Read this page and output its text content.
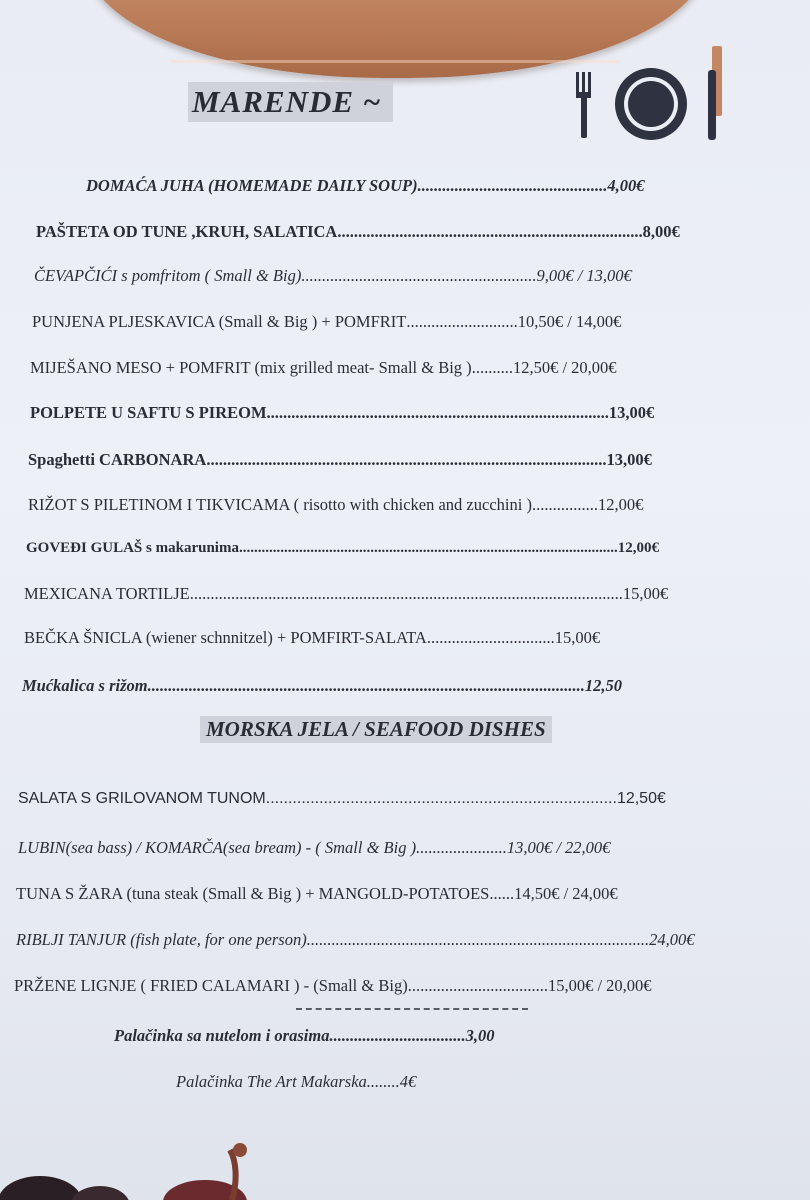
MARENDE ~
DOMAĆA JUHA (HOMEMADE DAILY SOUP)..............................................4,00€
PAŠTETA OD TUNE ,KRUH, SALATICA..........................................................................8,00€
ČEVAPČIĆI s pomfritom ( Small & Big).........................................................9,00€ / 13,00€
PUNJENA PLJESKAVICA (Small & Big ) + POMFRIT...........................10,50€ / 14,00€
MIJEŠANO MESO + POMFRIT (mix grilled meat- Small & Big )..........12,50€ / 20,00€
POLPETE U SAFTU S PIREOM...................................................................................13,00€
Spaghetti CARBONARA.................................................................................................13,00€
RIŽOT S PILETINOM I TIKVICAMA ( risotto with chicken and zucchini )................12,00€
GOVEĐI GULAŠ s makarunima.....................................................................................................12,00€
MEXICANA TORTILJE.........................................................................................................15,00€
BEČKA ŠNICLA (wiener schnnitzel) + POMFIRT-SALATA...............................15,00€
Mućkalica s rižom..........................................................................................................12,50
MORSKA JELA / SEAFOOD DISHES
SALATA S GRILOVANOM TUNOM...............................................................................12,50€
LUBIN(sea bass) / KOMARČA(sea bream) - ( Small & Big )......................13,00€ / 22,00€
TUNA S ŽARA (tuna steak (Small & Big ) + MANGOLD-POTATOES......14,50€ / 24,00€
RIBLJI TANJUR (fish plate, for one person)...................................................................................24,00€
PRŽENE LIGNJE ( FRIED CALAMARI ) - (Small & Big)..................................15,00€ / 20,00€
Palačinka sa nutelom i orasima.................................3,00
Palačinka The Art Makarska........4€
